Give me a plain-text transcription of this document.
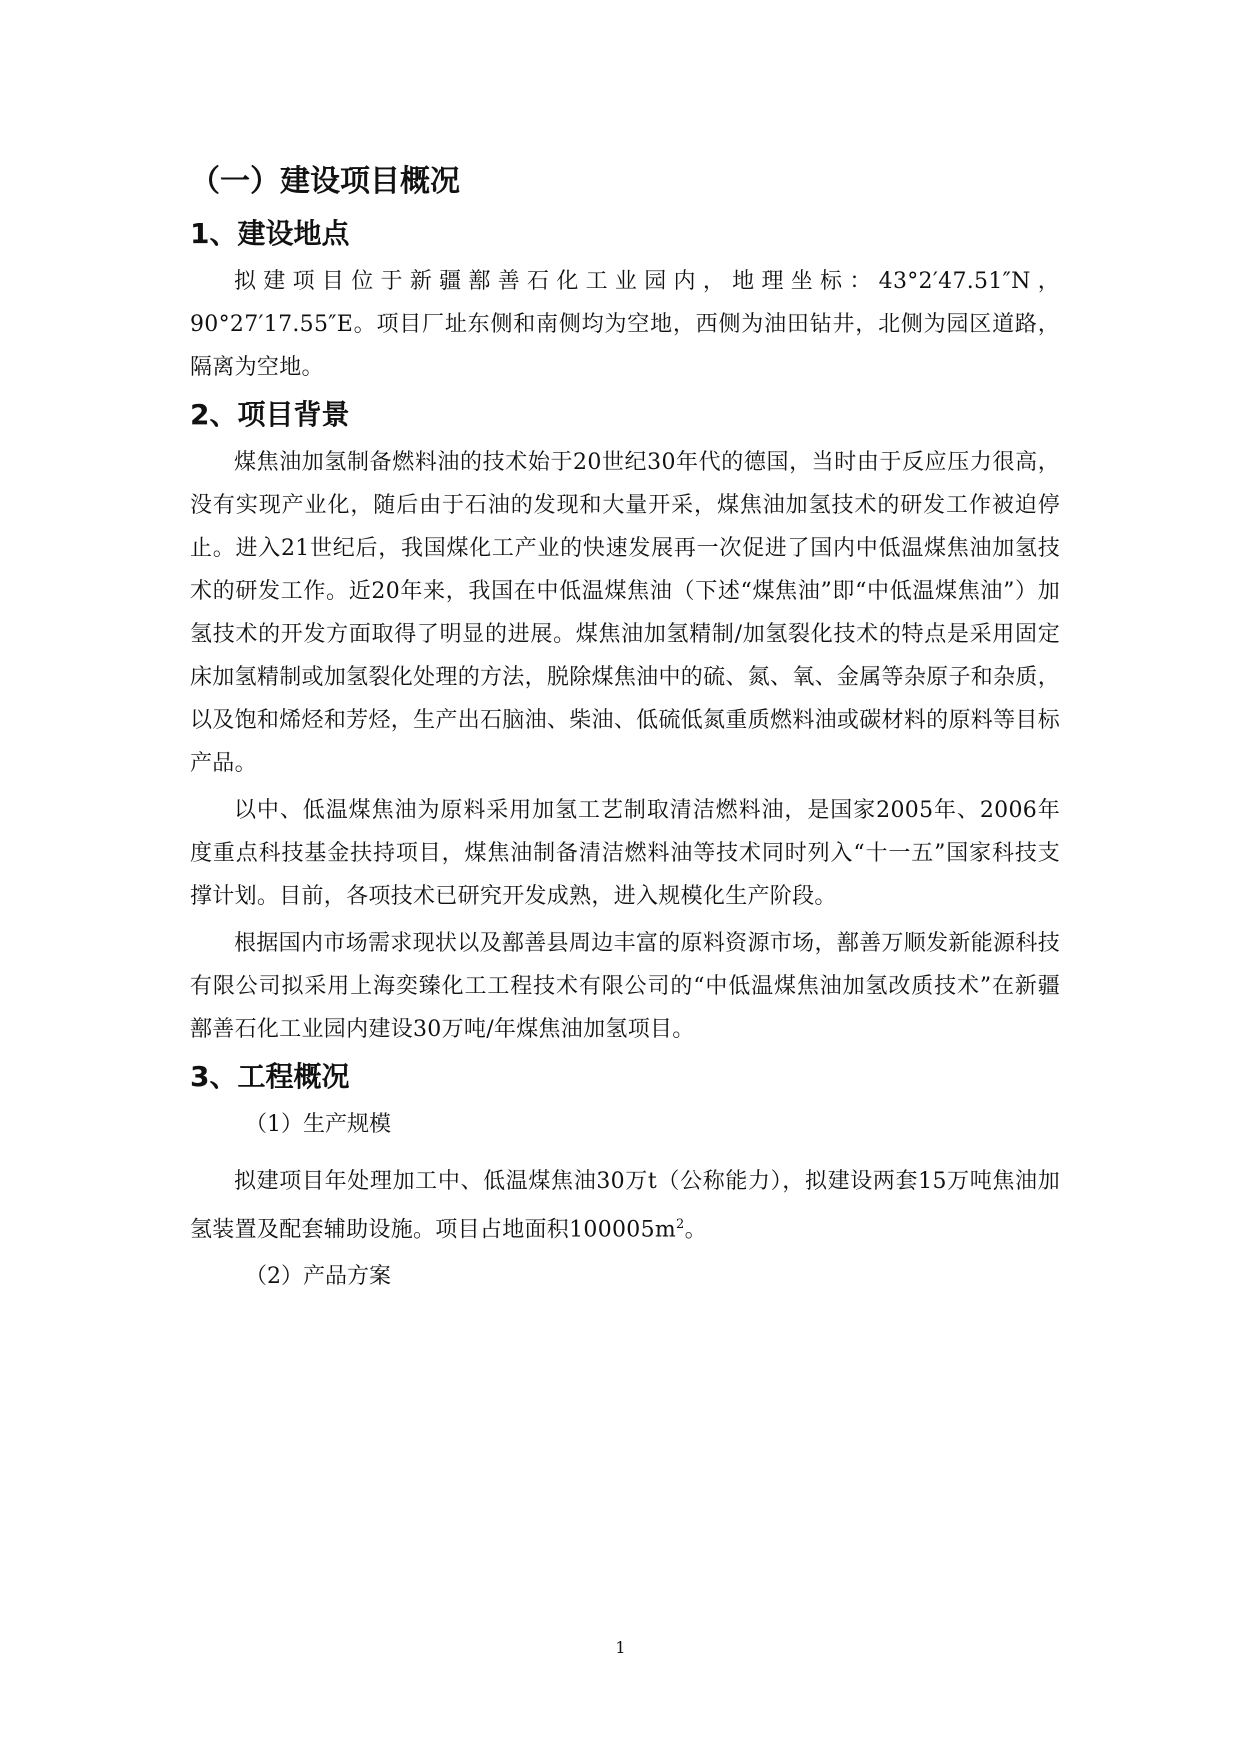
（一）建设项目概况
1、建设地点

拟建项目位于新疆鄯善石化工业园内，地理坐标：43°2′47.51″N，90°27′17.55″E。项目厂址东侧和南侧均为空地，西侧为油田钻井，北侧为园区道路，隔离为空地。

2、项目背景

煤焦油加氢制备燃料油的技术始于20世纪30年代的德国，当时由于反应压力很高，没有实现产业化，随后由于石油的发现和大量开采，煤焦油加氢技术的研发工作被迫停止。进入21世纪后，我国煤化工产业的快速发展再一次促进了国内中低温煤焦油加氢技术的研发工作。近20年来，我国在中低温煤焦油（下述“煤焦油”即“中低温煤焦油”）加氢技术的开发方面取得了明显的进展。煤焦油加氢精制/加氢裂化技术的特点是采用固定床加氢精制或加氢裂化处理的方法，脱除煤焦油中的硫、氮、氧、金属等杂原子和杂质，以及饱和烯烃和芳烃，生产出石脑油、柴油、低硫低氮重质燃料油或碳材料的原料等目标产品。

以中、低温煤焦油为原料采用加氢工艺制取清洁燃料油，是国家2005年、2006年度重点科技基金扶持项目，煤焦油制备清洁燃料油等技术同时列入“十一五”国家科技支撑计划。目前，各项技术已研究开发成熟，进入规模化生产阶段。

根据国内市场需求现状以及鄯善县周边丰富的原料资源市场，鄯善万顺发新能源科技有限公司拟采用上海奕臻化工工程技术有限公司的“中低温煤焦油加氢改质技术”在新疆鄯善石化工业园内建设30万吨/年煤焦油加氢项目。

3、工程概况

（1）生产规模

拟建项目年处理加工中、低温煤焦油30万t（公称能力），拟建设两套15万吨焦油加氢装置及配套辅助设施。项目占地面积$100005m^2$。

（2）产品方案

1
